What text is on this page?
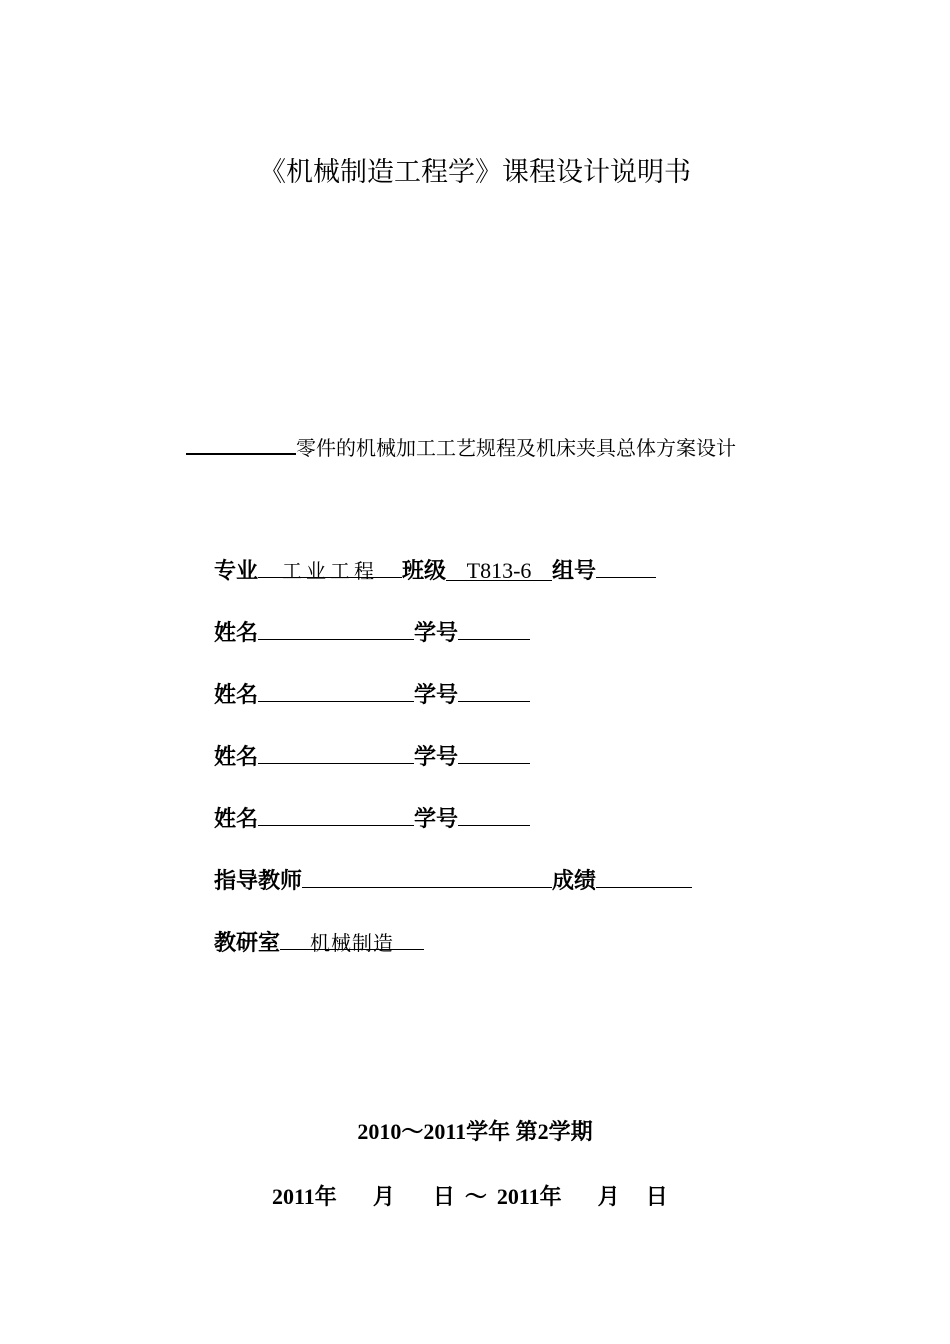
《机械制造工程学》课程设计说明书
零件的机械加工工艺规程及机床夹具总体方案设计
专业 工业工程 班级 T813-6 组号
姓名	学号
姓名	学号
姓名	学号
姓名	学号
指导教师	成绩
教研室 机械制造
2010～2011学年 第2学期
2011年 月 日 ～ 2011年 月 日
